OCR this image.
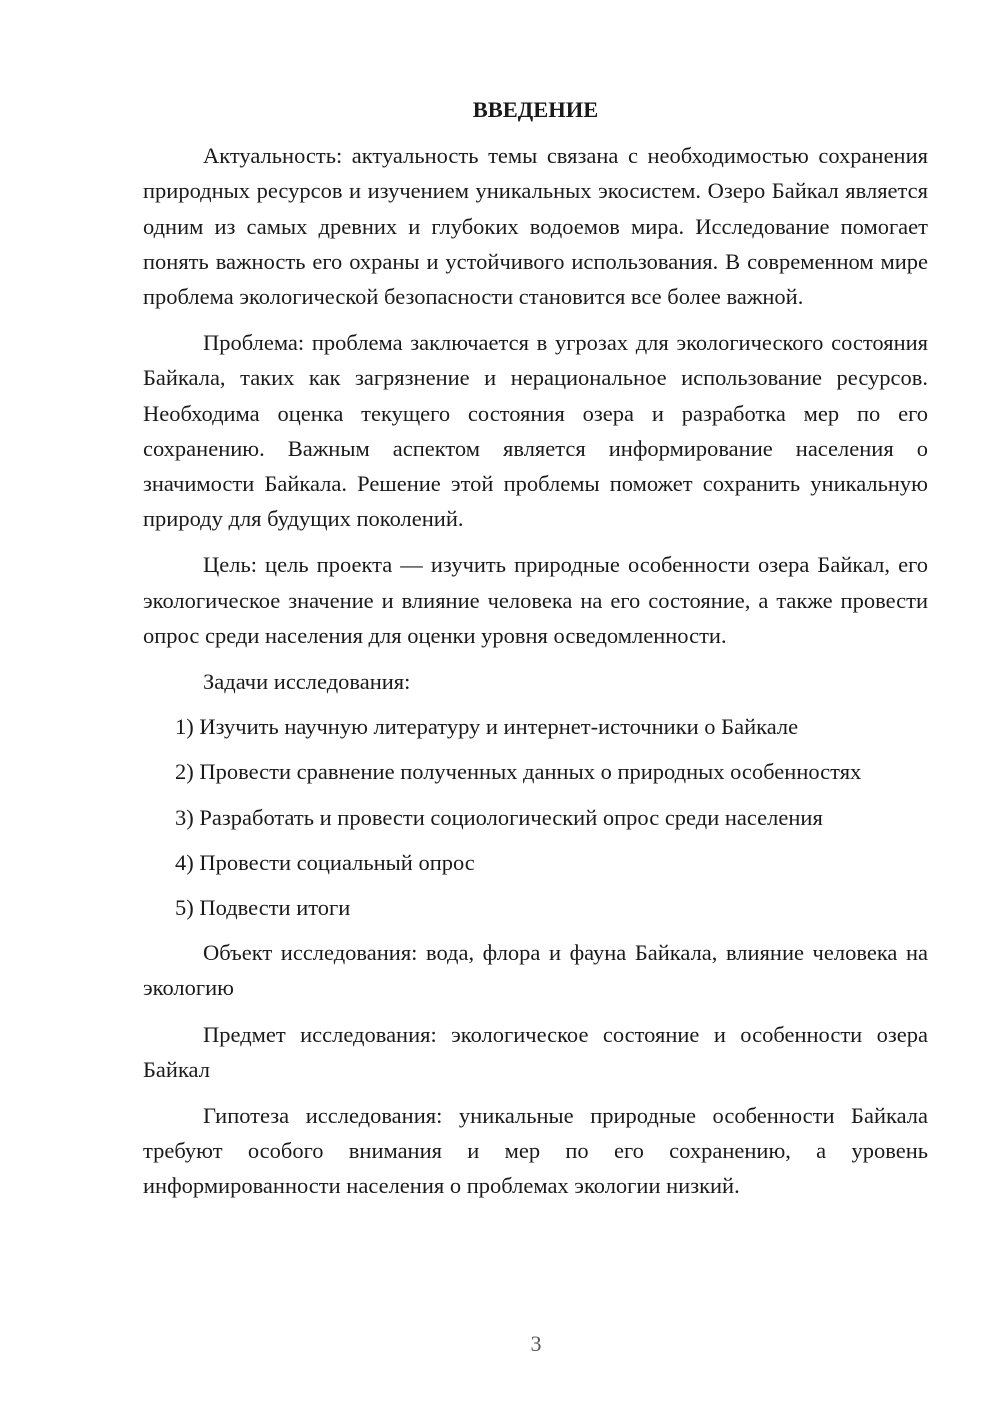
ВВЕДЕНИЕ

Актуальность: актуальность темы связана с необходимостью сохранения природных ресурсов и изучением уникальных экосистем. Озеро Байкал является одним из самых древних и глубоких водоемов мира. Исследование помогает понять важность его охраны и устойчивого использования. В современном мире проблема экологической безопасности становится все более важной.

Проблема: проблема заключается в угрозах для экологического состояния Байкала, таких как загрязнение и нерациональное использование ресурсов. Необходима оценка текущего состояния озера и разработка мер по его сохранению. Важным аспектом является информирование населения о значимости Байкала. Решение этой проблемы поможет сохранить уникальную природу для будущих поколений.

Цель: цель проекта — изучить природные особенности озера Байкал, его экологическое значение и влияние человека на его состояние, а также провести опрос среди населения для оценки уровня осведомленности.

Задачи исследования:
1) Изучить научную литературу и интернет-источники о Байкале
2) Провести сравнение полученных данных о природных особенностях
3) Разработать и провести социологический опрос среди населения
4) Провести социальный опрос
5) Подвести итоги

Объект исследования: вода, флора и фауна Байкала, влияние человека на экологию

Предмет исследования: экологическое состояние и особенности озера Байкал

Гипотеза исследования: уникальные природные особенности Байкала требуют особого внимания и мер по его сохранению, а уровень информированности населения о проблемах экологии низкий.

3
